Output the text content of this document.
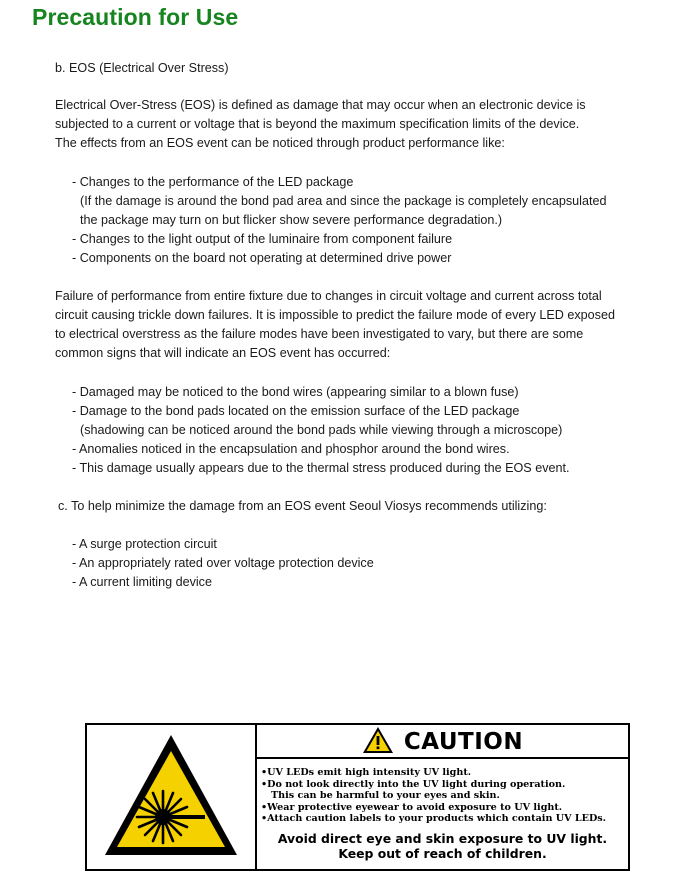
Precaution for Use
b. EOS (Electrical Over Stress)
Electrical Over-Stress (EOS) is defined as damage that may occur when an electronic device is
subjected to a current or voltage that is beyond the maximum specification limits of the device.
The effects from an EOS event can be noticed through product performance like:
- Changes to the performance of the LED package
(If the damage is around the bond pad area and since the package is completely encapsulated
the package may turn on but flicker show severe performance degradation.)
- Changes to the light output of the luminaire from component failure
- Components on the board not operating at determined drive power
Failure of performance from entire fixture due to changes in circuit voltage and current across total
circuit causing trickle down failures. It is impossible to predict the failure mode of every LED exposed
to electrical overstress as the failure modes have been investigated to vary, but there are some
common signs that will indicate an EOS event has occurred:
- Damaged may be noticed to the bond wires (appearing similar to a blown fuse)
- Damage to the bond pads located on the emission surface of the LED package
(shadowing can be noticed around the bond pads while viewing through a microscope)
- Anomalies noticed in the encapsulation and phosphor around the bond wires.
- This damage usually appears due to the thermal stress produced during the EOS event.
c. To help minimize the damage from an EOS event Seoul Viosys recommends utilizing:
- A surge protection circuit
- An appropriately rated over voltage protection device
- A current limiting device
CAUTION
•UV LEDs emit high intensity UV light.
•Do not look directly into the UV light during operation.
This can be harmful to your eyes and skin.
•Wear protective eyewear to avoid exposure to UV light.
•Attach caution labels to your products which contain UV LEDs.
Avoid direct eye and skin exposure to UV light.
Keep out of reach of children.
